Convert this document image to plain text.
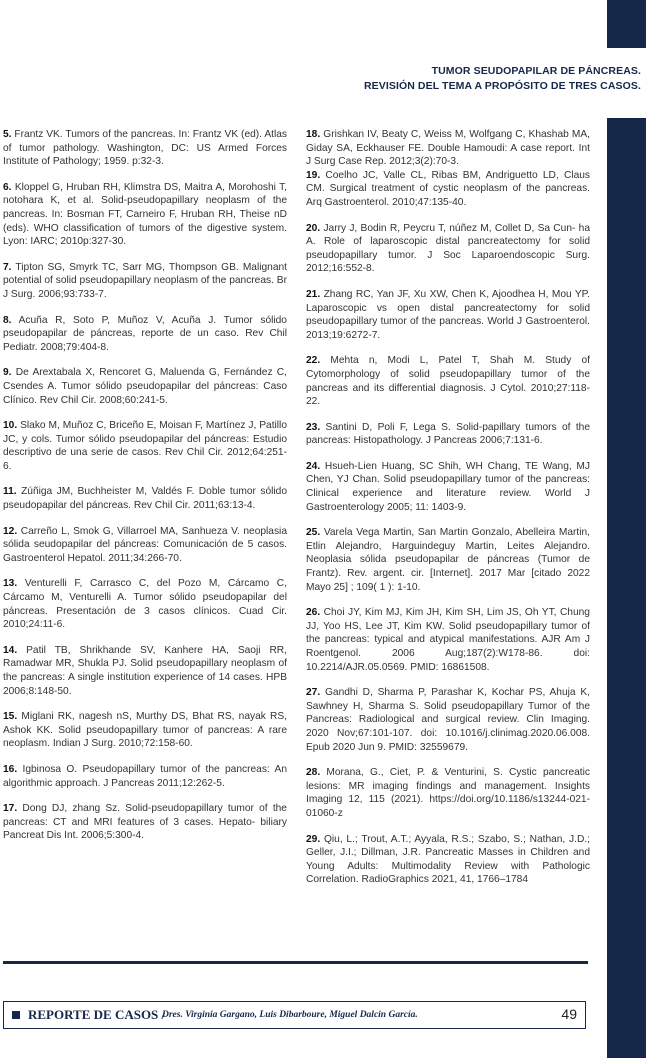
TUMOR SEUDOPAPILAR DE PÁNCREAS.
REVISIÓN DEL TEMA A PROPÓSITO DE TRES CASOS.

5. Frantz VK. Tumors of the pancreas. In: Frantz VK (ed). Atlas of tumor pathology. Washington, DC: US Armed Forces Institute of Pathology; 1959. p:32-3.

6. Kloppel G, Hruban RH, Klimstra DS, Maitra A, Morohoshi T, notohara K, et al. Solid-pseudopapillary neoplasm of the pancreas. In: Bosman FT, Carneiro F, Hruban RH, Theise nD (eds). WHO classification of tumors of the digestive system. Lyon: IARC; 2010p:327-30.

7. Tipton SG, Smyrk TC, Sarr MG, Thompson GB. Malignant potential of solid pseudopapillary neoplasm of the pancreas. Br J Surg. 2006;93:733-7.

8. Acuña R, Soto P, Muñoz V, Acuña J. Tumor sólido pseudopapilar de páncreas, reporte de un caso. Rev Chil Pediatr. 2008;79:404-8.

9. De Arextabala X, Rencoret G, Maluenda G, Fernández C, Csendes A. Tumor sólido pseudopapilar del páncreas: Caso Clínico. Rev Chil Cir. 2008;60:241-5.

10. Slako M, Muñoz C, Briceño E, Moisan F, Martínez J, Patillo JC, y cols. Tumor sólido pseudopapilar del páncreas: Estudio descriptivo de una serie de casos. Rev Chil Cir. 2012;64:251-6.

11. Zúñiga JM, Buchheister M, Valdés F. Doble tumor sólido pseudopapilar del páncreas. Rev Chil Cir. 2011;63:13-4.

12. Carreño L, Smok G, Villarroel MA, Sanhueza V. neoplasia sólida seudopapilar del páncreas: Comunicación de 5 casos. Gastroenterol Hepatol. 2011;34:266-70.

13. Venturelli F, Carrasco C, del Pozo M, Cárcamo C, Cárcamo M, Venturelli A. Tumor sólido pseudopapilar del páncreas. Presentación de 3 casos clínicos. Cuad Cir. 2010;24:11-6.

14. Patil TB, Shrikhande SV, Kanhere HA, Saoji RR, Ramadwar MR, Shukla PJ. Solid pseudopapillary neoplasm of the pancreas: A single institution experience of 14 cases. HPB 2006;8:148-50.

15. Miglani RK, nagesh nS, Murthy DS, Bhat RS, nayak RS, Ashok KK. Solid pseudopapillary tumor of pancreas: A rare neoplasm. Indian J Surg. 2010;72:158-60.

16. Igbinosa O. Pseudopapillary tumor of the pancreas: An algorithmic approach. J Pancreas 2011;12:262-5.

17. Dong DJ, zhang Sz. Solid-pseudopapillary tumor of the pancreas: CT and MRI features of 3 cases. Hepato- biliary Pancreat Dis Int. 2006;5:300-4.

18. Grishkan IV, Beaty C, Weiss M, Wolfgang C, Khashab MA, Giday SA, Eckhauser FE. Double Hamoudi: A case report. Int J Surg Case Rep. 2012;3(2):70-3.

19. Coelho JC, Valle CL, Ribas BM, Andriguetto LD, Claus CM. Surgical treatment of cystic neoplasm of the pancreas. Arq Gastroenterol. 2010;47:135-40.

20. Jarry J, Bodin R, Peycru T, núñez M, Collet D, Sa Cun- ha A. Role of laparoscopic distal pancreatectomy for solid pseudopapillary tumor. J Soc Laparoendoscopic Surg. 2012;16:552-8.

21. Zhang RC, Yan JF, Xu XW, Chen K, Ajoodhea H, Mou YP. Laparoscopic vs open distal pancreatectomy for solid pseudopapillary tumor of the pancreas. World J Gastroenterol. 2013;19:6272-7.

22. Mehta n, Modi L, Patel T, Shah M. Study of Cytomorphology of solid pseudopapillary tumor of the pancreas and its differential diagnosis. J Cytol. 2010;27:118-22.

23. Santini D, Poli F, Lega S. Solid-papillary tumors of the pancreas: Histopathology. J Pancreas 2006;7:131-6.

24. Hsueh-Lien Huang, SC Shih, WH Chang, TE Wang, MJ Chen, YJ Chan. Solid pseudopapillary tumor of the pancreas: Clinical experience and literature review. World J Gastroenterology 2005; 11: 1403-9.

25. Varela Vega Martin, San Martin Gonzalo, Abelleira Martin, Etlin Alejandro, Harguindeguy Martin, Leites Alejandro. Neoplasia sólida pseudopapilar de páncreas (Tumor de Frantz). Rev. argent. cir. [Internet]. 2017 Mar [citado 2022 Mayo 25] ; 109( 1 ): 1-10.

26. Choi JY, Kim MJ, Kim JH, Kim SH, Lim JS, Oh YT, Chung JJ, Yoo HS, Lee JT, Kim KW. Solid pseudopapillary tumor of the pancreas: typical and atypical manifestations. AJR Am J Roentgenol. 2006 Aug;187(2):W178-86. doi: 10.2214/AJR.05.0569. PMID: 16861508.

27. Gandhi D, Sharma P, Parashar K, Kochar PS, Ahuja K, Sawhney H, Sharma S. Solid pseudopapillary Tumor of the Pancreas: Radiological and surgical review. Clin Imaging. 2020 Nov;67:101-107. doi: 10.1016/j.clinimag.2020.06.008. Epub 2020 Jun 9. PMID: 32559679.

28. Morana, G., Ciet, P. & Venturini, S. Cystic pancreatic lesions: MR imaging findings and management. Insights Imaging 12, 115 (2021). https://doi.org/10.1186/s13244-021-01060-z

29. Qiu, L.; Trout, A.T.; Ayyala, R.S.; Szabo, S.; Nathan, J.D.; Geller, J.I.; Dillman, J.R. Pancreatic Masses in Children and Young Adults: Multimodality Review with Pathologic Correlation. RadioGraphics 2021, 41, 1766–1784

REPORTE DE CASOS /
Dres. Virginia Gargano, Luis Dibarboure, Miguel Dalcin García.	49
